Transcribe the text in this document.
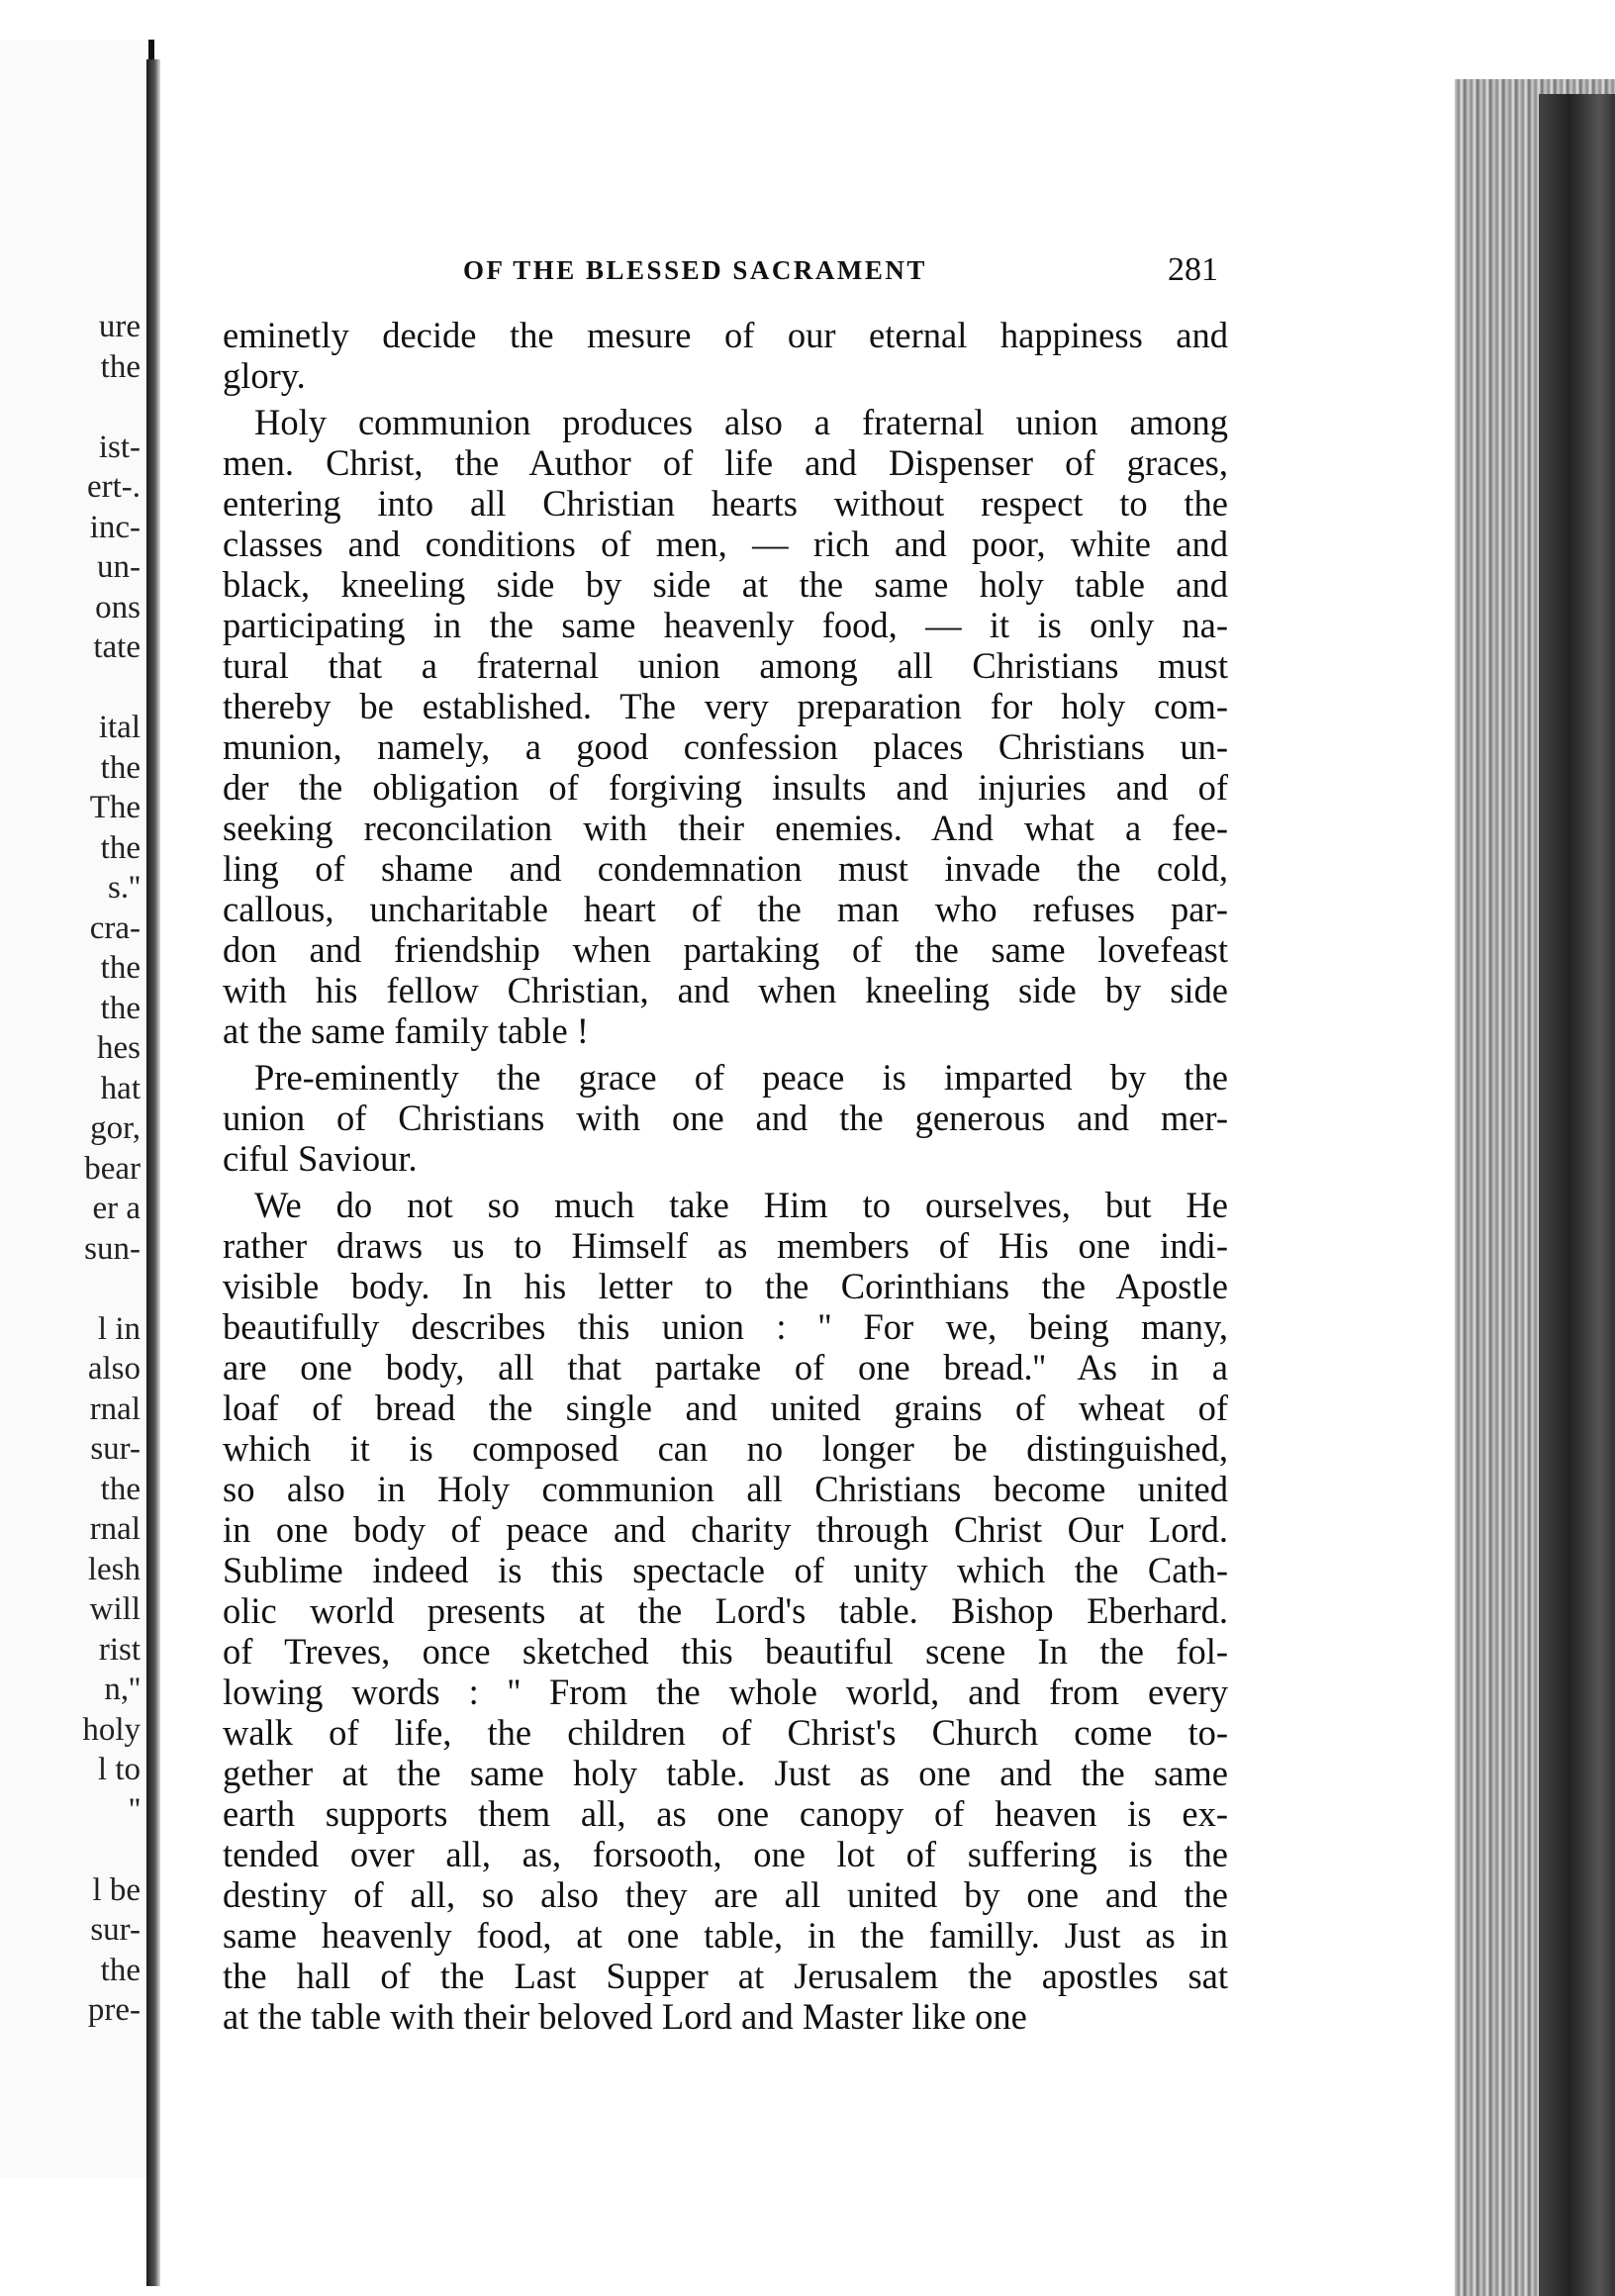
ure
the
ist-
ert-.
inc-
un-
ons
tate
ital
the
The
the
s.''
cra-
the
the
hes
hat
gor,
bear
er a
sun-
l in
also
rnal
sur-
the
rnal
lesh
will
rist
n,''
holy
l to
''
l be
sur-
the
pre-
OF THE BLESSED SACRAMENT	281

eminetly decide the mesure of our eternal happiness and
glory.

Holy communion produces also a fraternal union among
men. Christ, the Author of life and Dispenser of graces,
entering into all Christian hearts without respect to the
classes and conditions of men, — rich and poor, white and
black, kneeling side by side at the same holy table and
participating in the same heavenly food, — it is only na-
tural that a fraternal union among all Christians must
thereby be established. The very preparation for holy com-
munion, namely, a good confession places Christians un-
der the obligation of forgiving insults and injuries and of
seeking reconcilation with their enemies. And what a fee-
ling of shame and condemnation must invade the cold,
callous, uncharitable heart of the man who refuses par-
don and friendship when partaking of the same lovefeast
with his fellow Christian, and when kneeling side by side
at the same family table !

Pre-eminently the grace of peace is imparted by the
union of Christians with one and the generous and mer-
ciful Saviour.

We do not so much take Him to ourselves, but He
rather draws us to Himself as members of His one indi-
visible body. In his letter to the Corinthians the Apostle
beautifully describes this union : '' For we, being many,
are one body, all that partake of one bread.'' As in a
loaf of bread the single and united grains of wheat of
which it is composed can no longer be distinguished,
so also in Holy communion all Christians become united
in one body of peace and charity through Christ Our Lord.
Sublime indeed is this spectacle of unity which the Cath-
olic world presents at the Lord's table. Bishop Eberhard.
of Treves, once sketched this beautiful scene In the fol-
lowing words : '' From the whole world, and from every
walk of life, the children of Christ's Church come to-
gether at the same holy table. Just as one and the same
earth supports them all, as one canopy of heaven is ex-
tended over all, as, forsooth, one lot of suffering is the
destiny of all, so also they are all united by one and the
same heavenly food, at one table, in the familly. Just as in
the hall of the Last Supper at Jerusalem the apostles sat
at the table with their beloved Lord and Master like one
